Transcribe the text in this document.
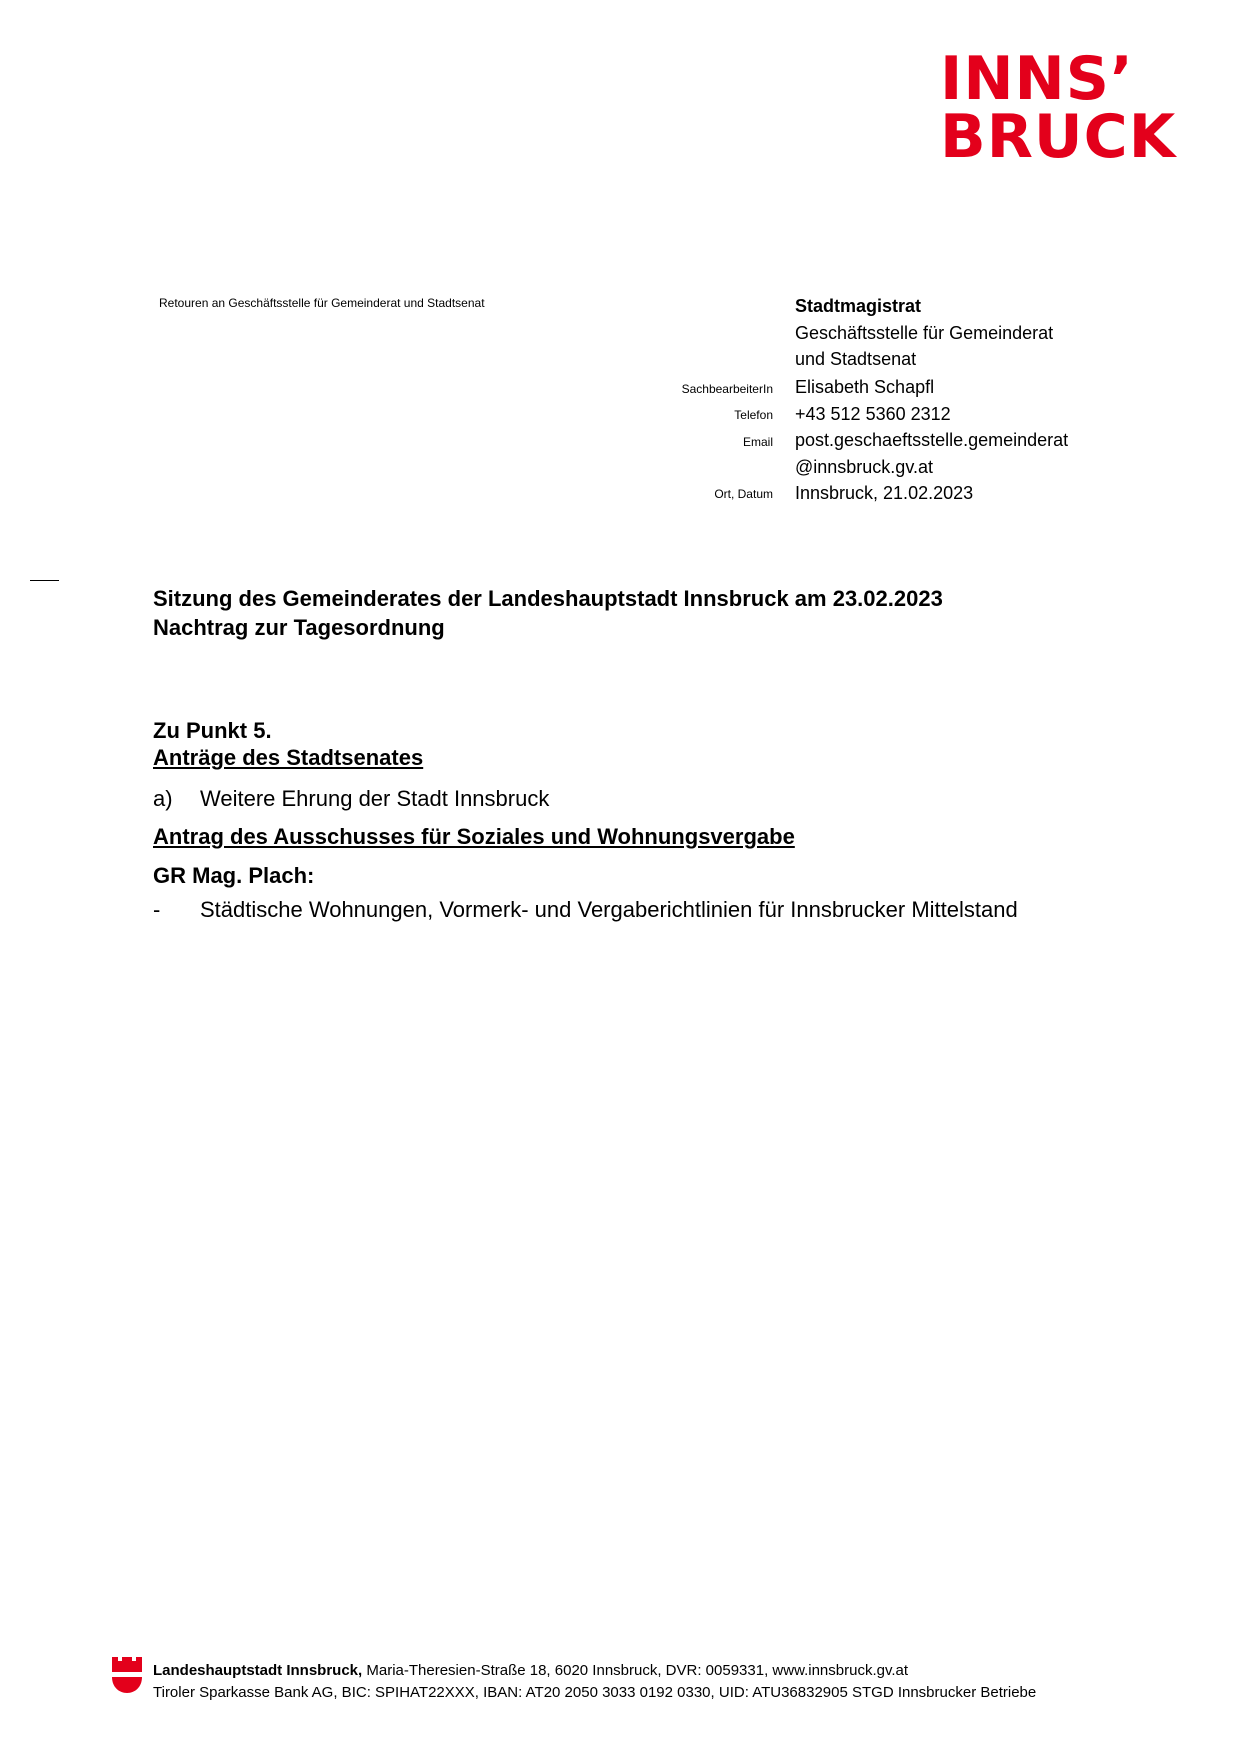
INNS’
BRUCK
Retouren an Geschäftsstelle für Gemeinderat und Stadtsenat	Stadtmagistrat
Geschäftsstelle für Gemeinderat
und Stadtsenat
SachbearbeiterIn
Telefon
Email
Ort, Datum
Elisabeth Schapfl
+43 512 5360 2312
post.geschaeftsstelle.gemeinderat
@innsbruck.gv.at
Innsbruck, 21.02.2023
Sitzung des Gemeinderates der Landeshauptstadt Innsbruck am 23.02.2023
Nachtrag zur Tagesordnung
Zu Punkt 5.
Anträge des Stadtsenates
a) Weitere Ehrung der Stadt Innsbruck
Antrag des Ausschusses für Soziales und Wohnungsvergabe
GR Mag. Plach:
- Städtische Wohnungen, Vormerk- und Vergaberichtlinien für Innsbrucker Mittelstand
Landeshauptstadt Innsbruck, Maria-Theresien-Straße 18, 6020 Innsbruck, DVR: 0059331, www.innsbruck.gv.at
Tiroler Sparkasse Bank AG, BIC: SPIHAT22XXX, IBAN: AT20 2050 3033 0192 0330, UID: ATU36832905 STGD Innsbrucker Betriebe
